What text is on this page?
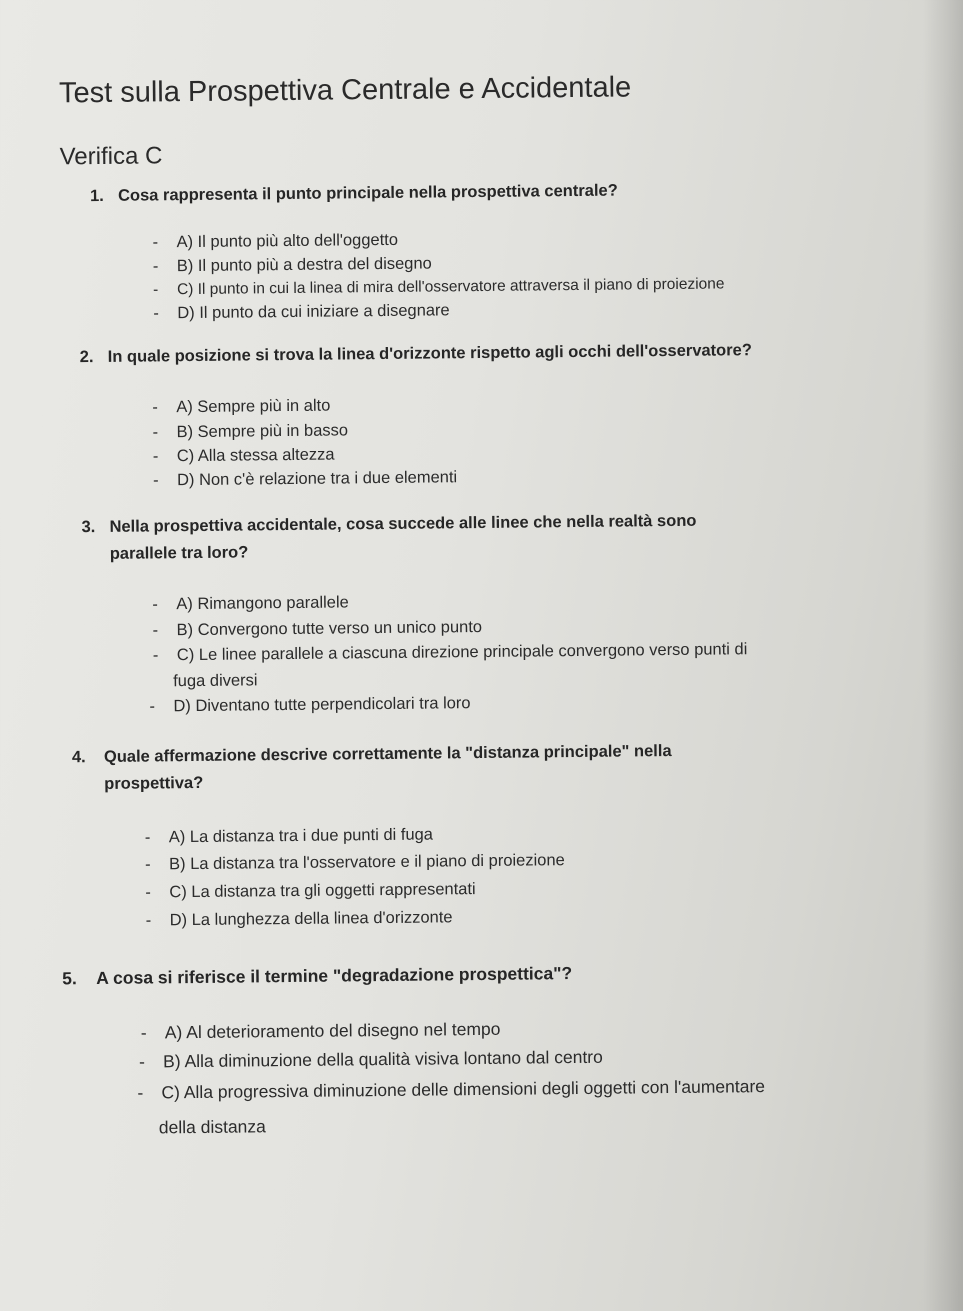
Test sulla Prospettiva Centrale e Accidentale
Verifica C
1. Cosa rappresenta il punto principale nella prospettiva centrale?
- A) Il punto più alto dell'oggetto
- B) Il punto più a destra del disegno
- C) Il punto in cui la linea di mira dell'osservatore attraversa il piano di proiezione
- D) Il punto da cui iniziare a disegnare
2. In quale posizione si trova la linea d'orizzonte rispetto agli occhi dell'osservatore?
- A) Sempre più in alto
- B) Sempre più in basso
- C) Alla stessa altezza
- D) Non c'è relazione tra i due elementi
3. Nella prospettiva accidentale, cosa succede alle linee che nella realtà sono
parallele tra loro?
- A) Rimangono parallele
- B) Convergono tutte verso un unico punto
- C) Le linee parallele a ciascuna direzione principale convergono verso punti di
fuga diversi
- D) Diventano tutte perpendicolari tra loro
4. Quale affermazione descrive correttamente la "distanza principale" nella
prospettiva?
- A) La distanza tra i due punti di fuga
- B) La distanza tra l'osservatore e il piano di proiezione
- C) La distanza tra gli oggetti rappresentati
- D) La lunghezza della linea d'orizzonte
5. A cosa si riferisce il termine "degradazione prospettica"?
- A) Al deterioramento del disegno nel tempo
- B) Alla diminuzione della qualità visiva lontano dal centro
- C) Alla progressiva diminuzione delle dimensioni degli oggetti con l'aumentare
della distanza
